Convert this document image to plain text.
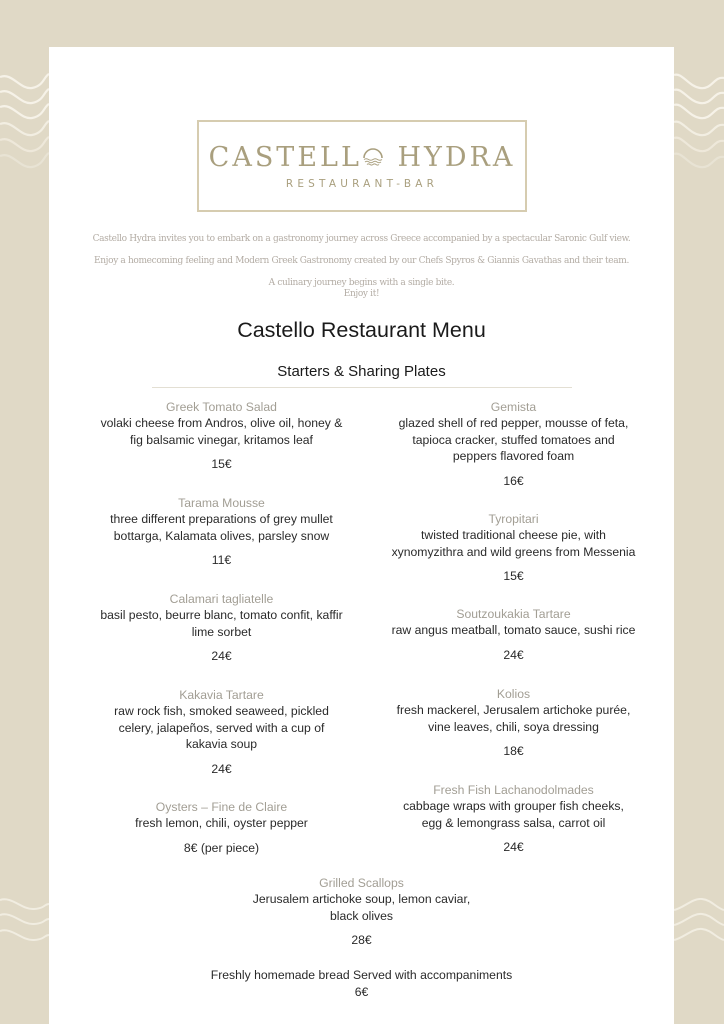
CASTELL HYDRA
RESTAURANT-BAR
Castello Hydra invites you to embark on a gastronomy journey across Greece accompanied by a spectacular Saronic Gulf view.
Enjoy a homecoming feeling and Modern Greek Gastronomy created by our Chefs Spyros & Giannis Gavathas and their team.
A culinary journey begins with a single bite.
Enjoy it!
Castello Restaurant Menu
Starters & Sharing Plates
Greek Tomato Salad
volaki cheese from Andros, olive oil, honey &
fig balsamic vinegar, kritamos leaf
15€
Tarama Mousse
three different preparations of grey mullet
bottarga, Kalamata olives, parsley snow
11€
Calamari tagliatelle
basil pesto, beurre blanc, tomato confit, kaffir
lime sorbet
24€
Kakavia Tartare
raw rock fish, smoked seaweed, pickled
celery, jalapeños, served with a cup of
kakavia soup
24€
Oysters – Fine de Claire
fresh lemon, chili, oyster pepper
8€ (per piece)
Gemista
glazed shell of red pepper, mousse of feta,
tapioca cracker, stuffed tomatoes and
peppers flavored foam
16€
Tyropitari
twisted traditional cheese pie, with
xynomyzithra and wild greens from Messenia
15€
Soutzoukakia Tartare
raw angus meatball, tomato sauce, sushi rice
24€
Kolios
fresh mackerel, Jerusalem artichoke purée,
vine leaves, chili, soya dressing
18€
Fresh Fish Lachanodolmades
cabbage wraps with grouper fish cheeks,
egg & lemongrass salsa, carrot oil
24€
Grilled Scallops
Jerusalem artichoke soup, lemon caviar,
black olives
28€
Freshly homemade bread Served with accompaniments
6€
